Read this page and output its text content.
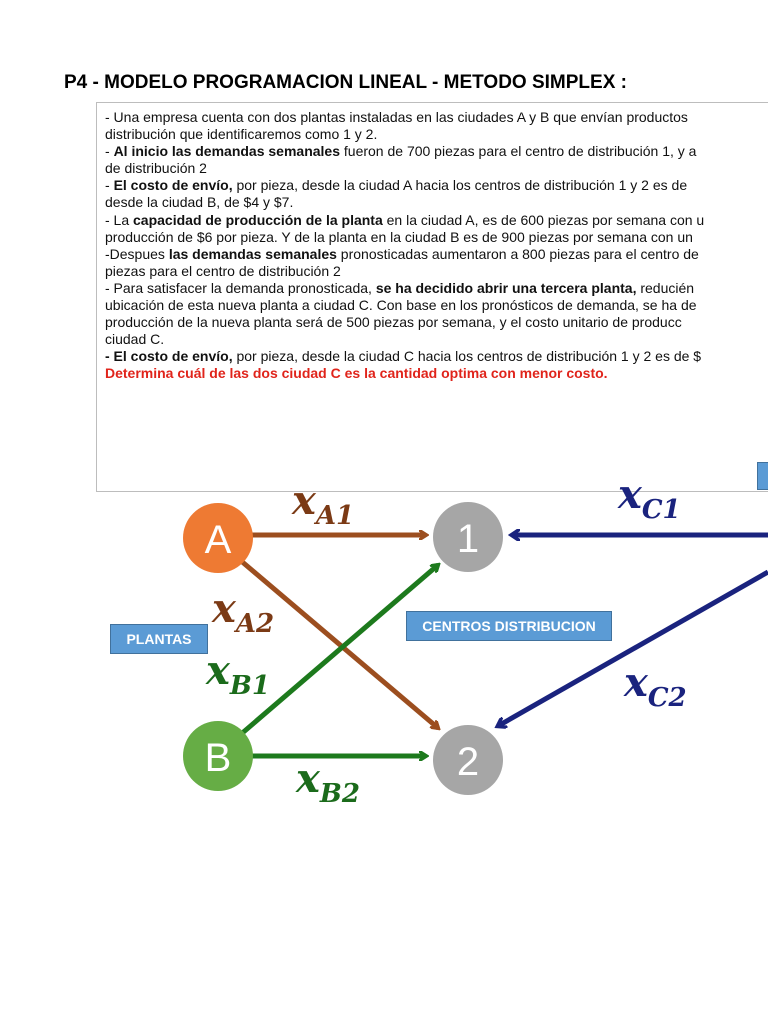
P4 - MODELO PROGRAMACION LINEAL - METODO SIMPLEX :
- Una empresa cuenta con dos plantas instaladas en las ciudades A y B que envían productos
distribución que identificaremos como 1 y 2.
- Al inicio las demandas semanales fueron de 700 piezas para el centro de distribución 1, y a
de distribución 2
- El costo de envío, por pieza, desde la ciudad A hacia los centros de distribución 1 y 2 es de
desde la ciudad B, de $4 y $7.
- La capacidad de producción de la planta en la ciudad A, es de 600 piezas por semana con u
producción de $6 por pieza. Y de la planta en la ciudad B es de 900 piezas por semana con un
-Despues las demandas semanales pronosticadas aumentaron a 800 piezas para el centro de
piezas para el centro de distribución 2
- Para satisfacer la demanda pronosticada, se ha decidido abrir una tercera planta, reducién
ubicación de esta nueva planta a ciudad C. Con base en los pronósticos de demanda, se ha de
producción de la nueva planta será de 500 piezas por semana, y el costo unitario de producc
ciudad C.
- El costo de envío, por pieza, desde la ciudad C hacia los centros de distribución 1 y 2 es de $
Determina cuál de las dos ciudad C es la cantidad optima con menor costo.
PLANTAS
CENTROS DISTRIBUCION
A
B
1
2
xA1
xA2
xB1
xB2
xC1
xC2
